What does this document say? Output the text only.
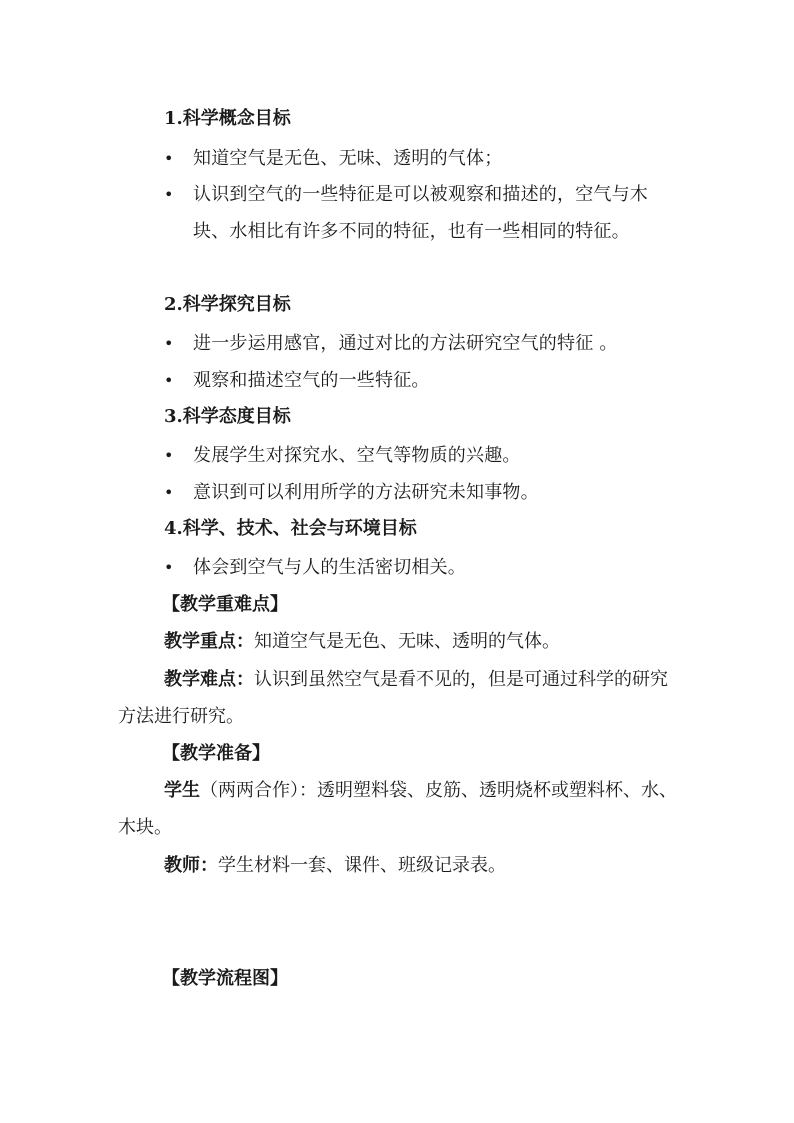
1.科学概念目标
• 知道空气是无色、无味、透明的气体；
• 认识到空气的一些特征是可以被观察和描述的，空气与木块、水相比有许多不同的特征，也有一些相同的特征。
2.科学探究目标
• 进一步运用感官，通过对比的方法研究空气的特征 。
• 观察和描述空气的一些特征。
3.科学态度目标
• 发展学生对探究水、空气等物质的兴趣。
• 意识到可以利用所学的方法研究未知事物。
4.科学、技术、社会与环境目标
• 体会到空气与人的生活密切相关。
【教学重难点】
教学重点：知道空气是无色、无味、透明的气体。
教学难点：认识到虽然空气是看不见的，但是可通过科学的研究方法进行研究。
【教学准备】
学生（两两合作）：透明塑料袋、皮筋、透明烧杯或塑料杯、水、木块。
教师：学生材料一套、课件、班级记录表。
【教学流程图】
